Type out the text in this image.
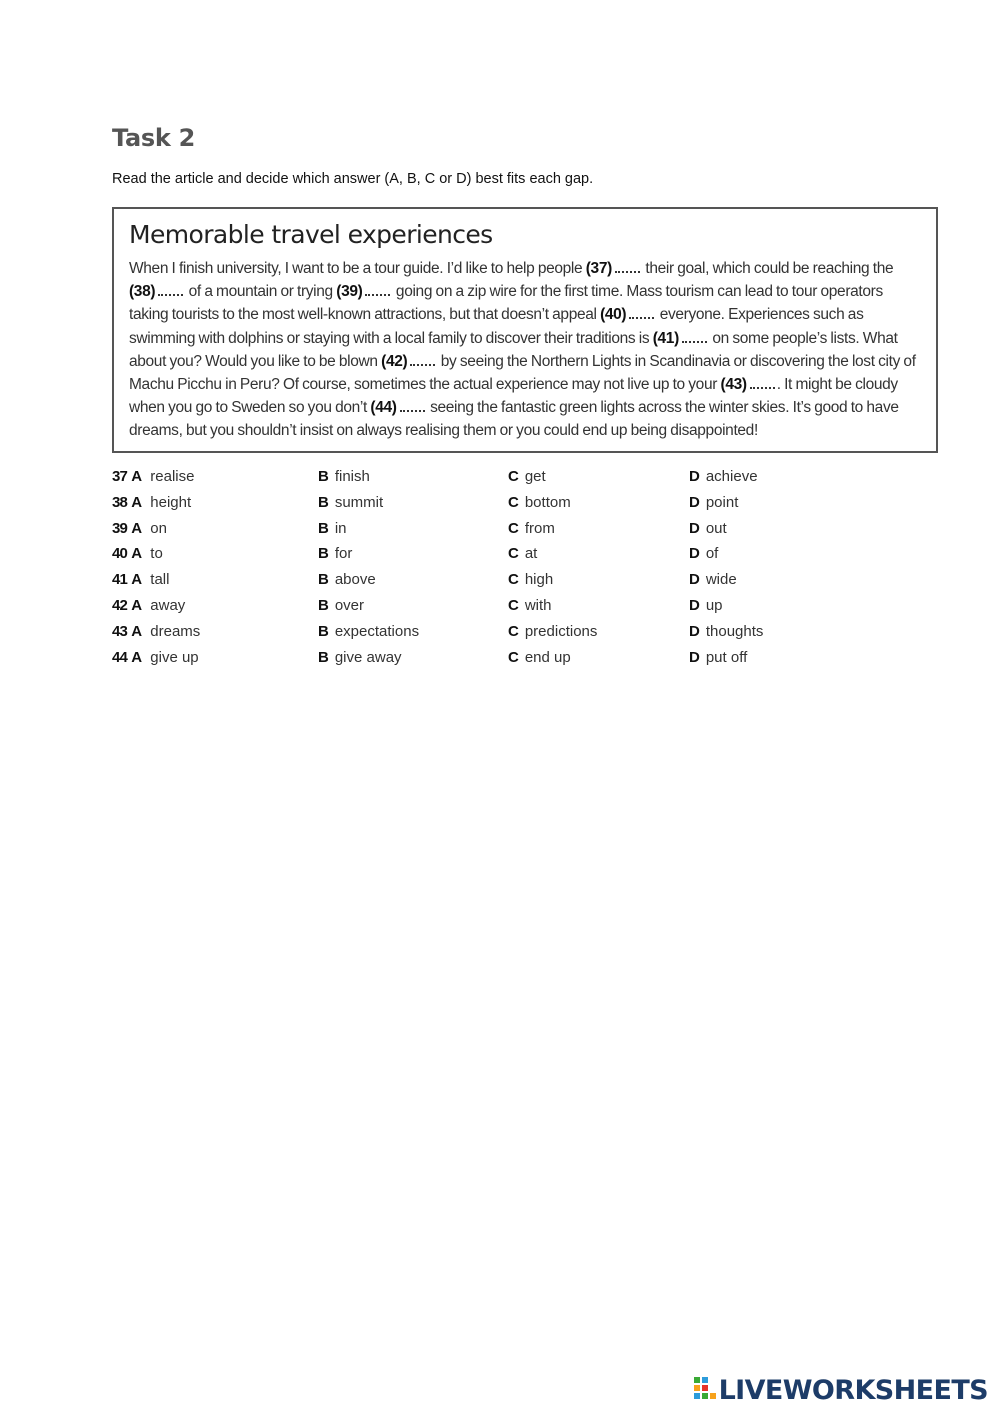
Task 2

Read the article and decide which answer (A, B, C or D) best fits each gap.

Memorable travel experiences

When I finish university, I want to be a tour guide. I’d like to help people (37) their goal, which could be reaching the (38) of a mountain or trying (39) going on a zip wire for the first time. Mass tourism can lead to tour operators taking tourists to the most well-known attractions, but that doesn’t appeal (40) everyone. Experiences such as swimming with dolphins or staying with a local family to discover their traditions is (41) on some people’s lists. What about you? Would you like to be blown (42) by seeing the Northern Lights in Scandinavia or discovering the lost city of Machu Picchu in Peru? Of course, sometimes the actual experience may not live up to your (43) . It might be cloudy when you go to Sweden so you don’t (44) seeing the fantastic green lights across the winter skies. It’s good to have dreams, but you shouldn’t insist on always realising them or you could end up being disappointed!

37 A realise	B finish	C get	D achieve
38 A height	B summit	C bottom	D point
39 A on	B in	C from	D out
40 A to	B for	C at	D of
41 A tall	B above	C high	D wide
42 A away	B over	C with	D up
43 A dreams	B expectations	C predictions	D thoughts
44 A give up	B give away	C end up	D put off
LIVEWORKSHEETS
